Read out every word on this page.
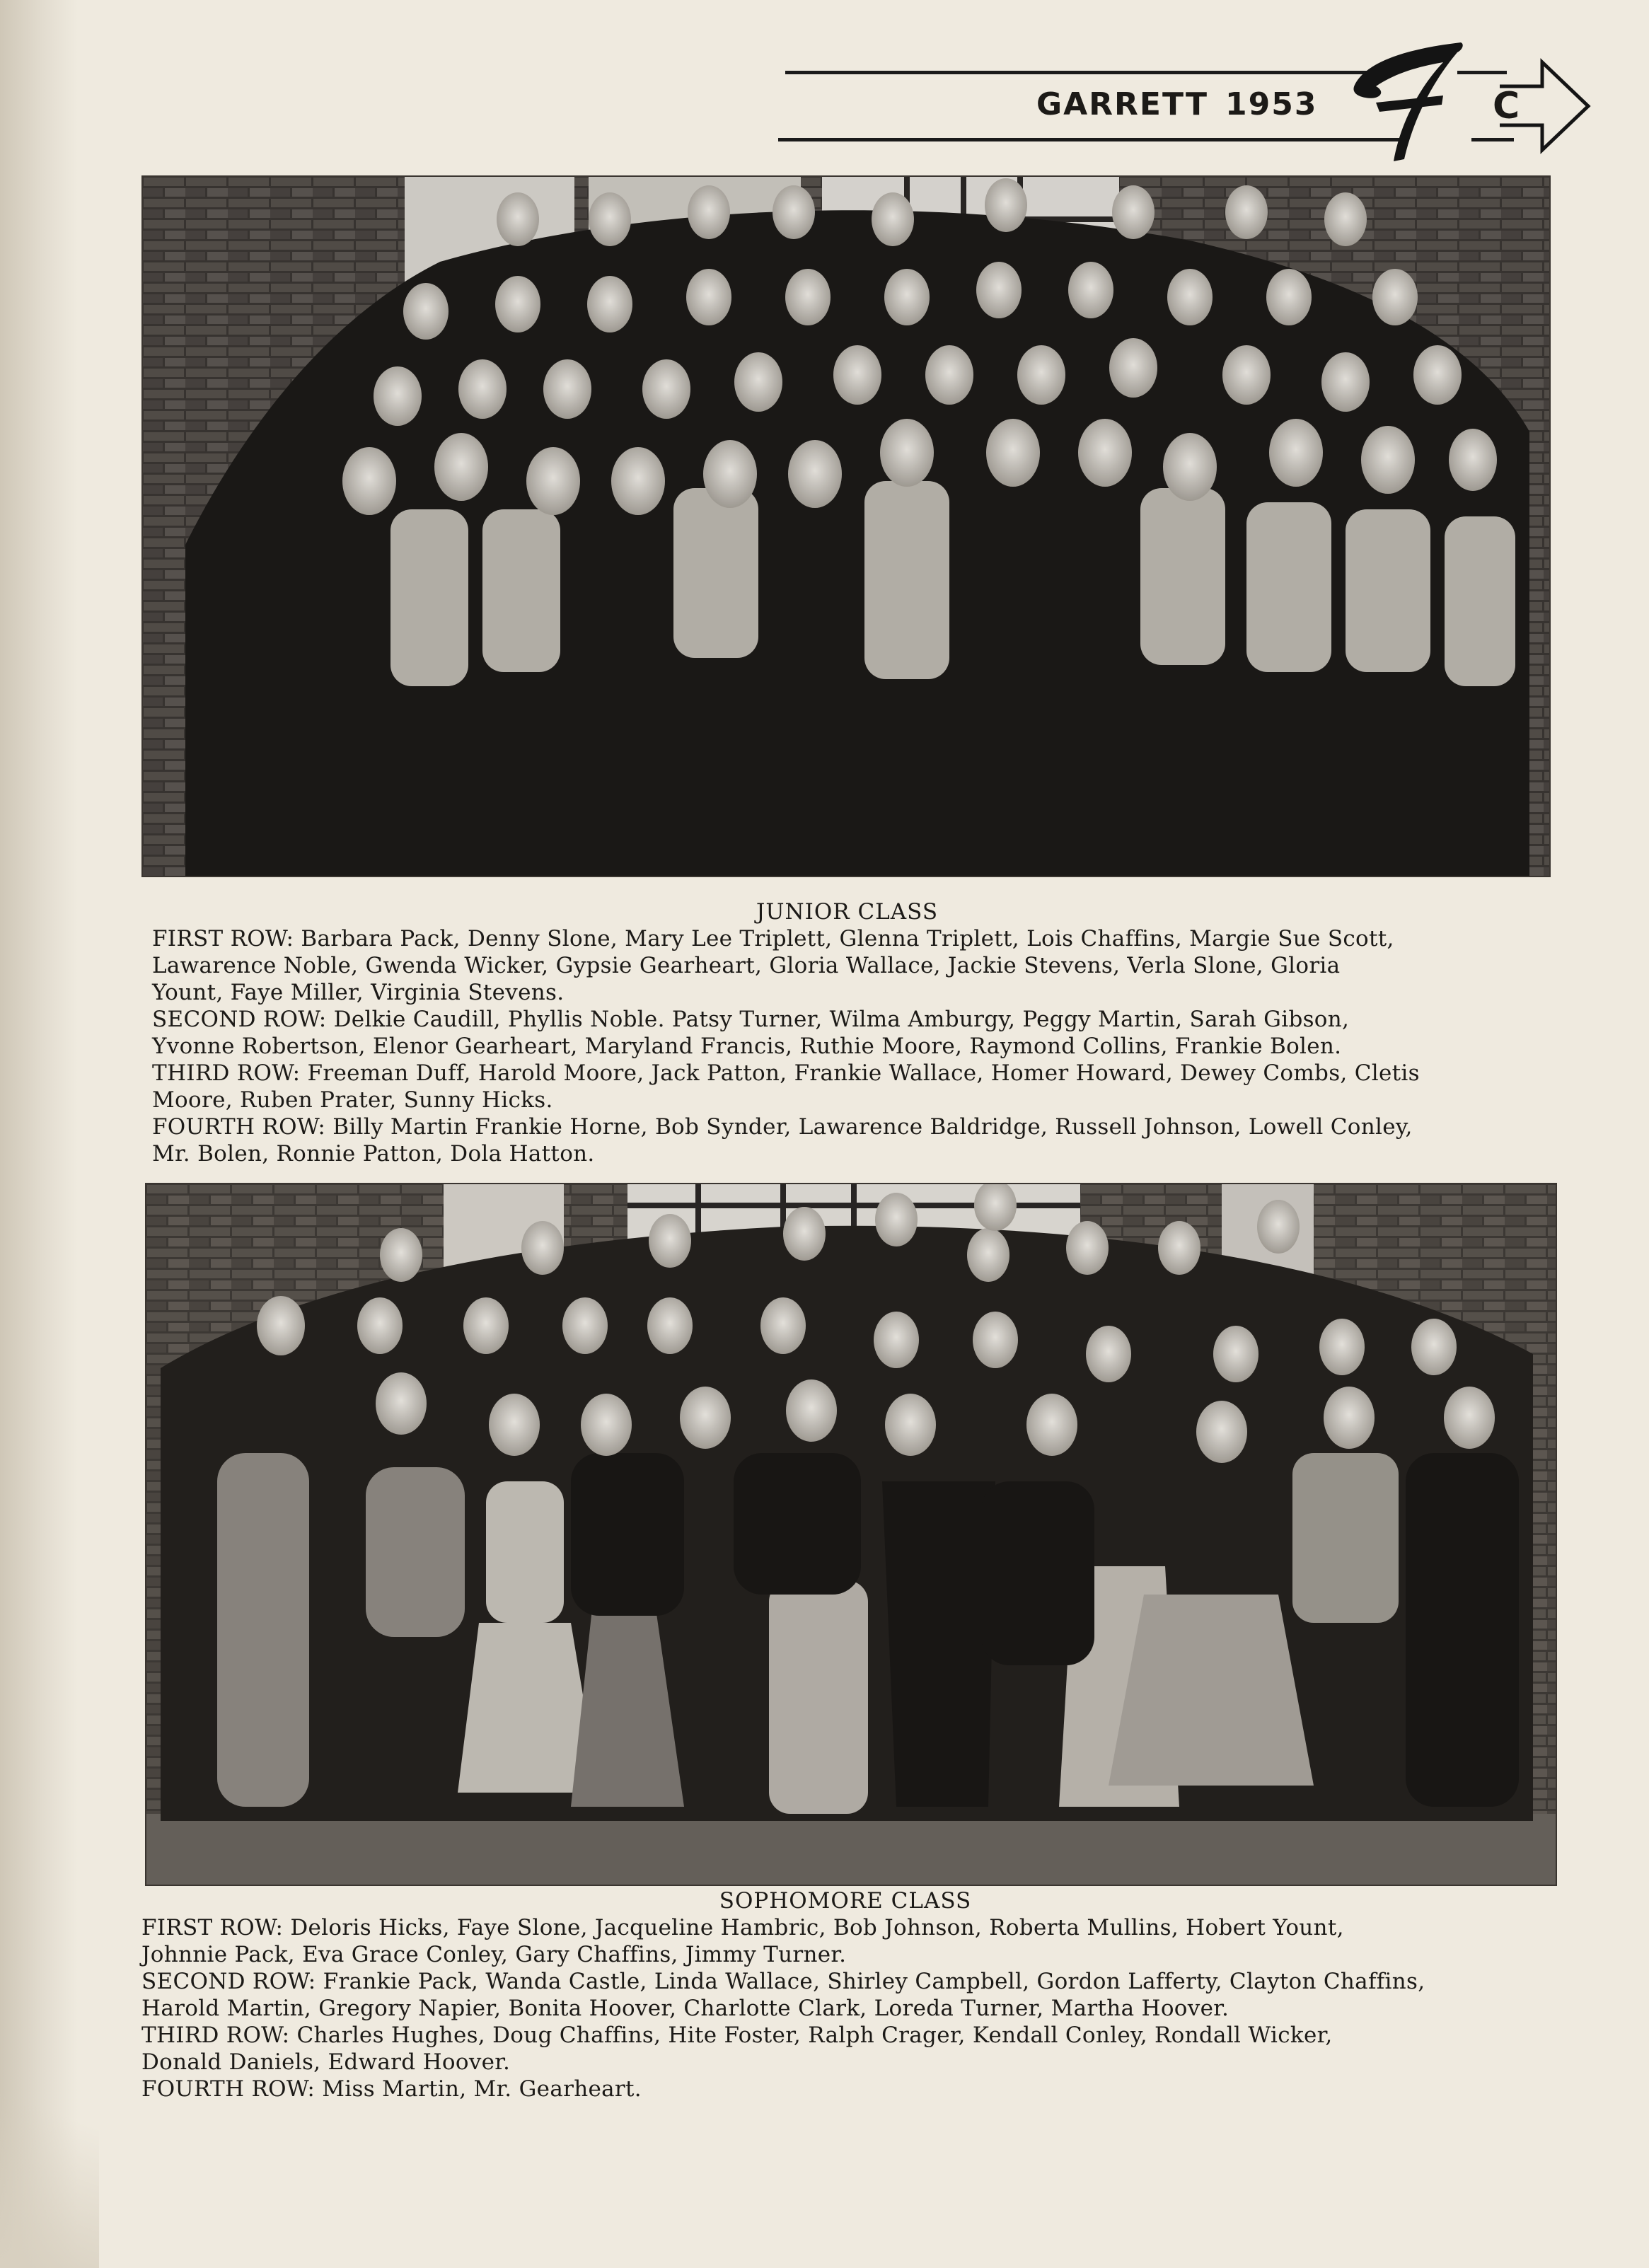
GARRETT 1953	C
JUNIOR CLASS
FIRST ROW: Barbara Pack, Denny Slone, Mary Lee Triplett, Glenna Triplett, Lois Chaffins, Margie Sue Scott,
Lawarence Noble, Gwenda Wicker, Gypsie Gearheart, Gloria Wallace, Jackie Stevens, Verla Slone, Gloria
Yount, Faye Miller, Virginia Stevens.
SECOND ROW: Delkie Caudill, Phyllis Noble. Patsy Turner, Wilma Amburgy, Peggy Martin, Sarah Gibson,
Yvonne Robertson, Elenor Gearheart, Maryland Francis, Ruthie Moore, Raymond Collins, Frankie Bolen.
THIRD ROW: Freeman Duff, Harold Moore, Jack Patton, Frankie Wallace, Homer Howard, Dewey Combs, Cletis
Moore, Ruben Prater, Sunny Hicks.
FOURTH ROW: Billy Martin Frankie Horne, Bob Synder, Lawarence Baldridge, Russell Johnson, Lowell Conley,
Mr. Bolen, Ronnie Patton, Dola Hatton.
SOPHOMORE CLASS
FIRST ROW: Deloris Hicks, Faye Slone, Jacqueline Hambric, Bob Johnson, Roberta Mullins, Hobert Yount,
Johnnie Pack, Eva Grace Conley, Gary Chaffins, Jimmy Turner.
SECOND ROW: Frankie Pack, Wanda Castle, Linda Wallace, Shirley Campbell, Gordon Lafferty, Clayton Chaffins,
Harold Martin, Gregory Napier, Bonita Hoover, Charlotte Clark, Loreda Turner, Martha Hoover.
THIRD ROW: Charles Hughes, Doug Chaffins, Hite Foster, Ralph Crager, Kendall Conley, Rondall Wicker,
Donald Daniels, Edward Hoover.
FOURTH ROW: Miss Martin, Mr. Gearheart.
